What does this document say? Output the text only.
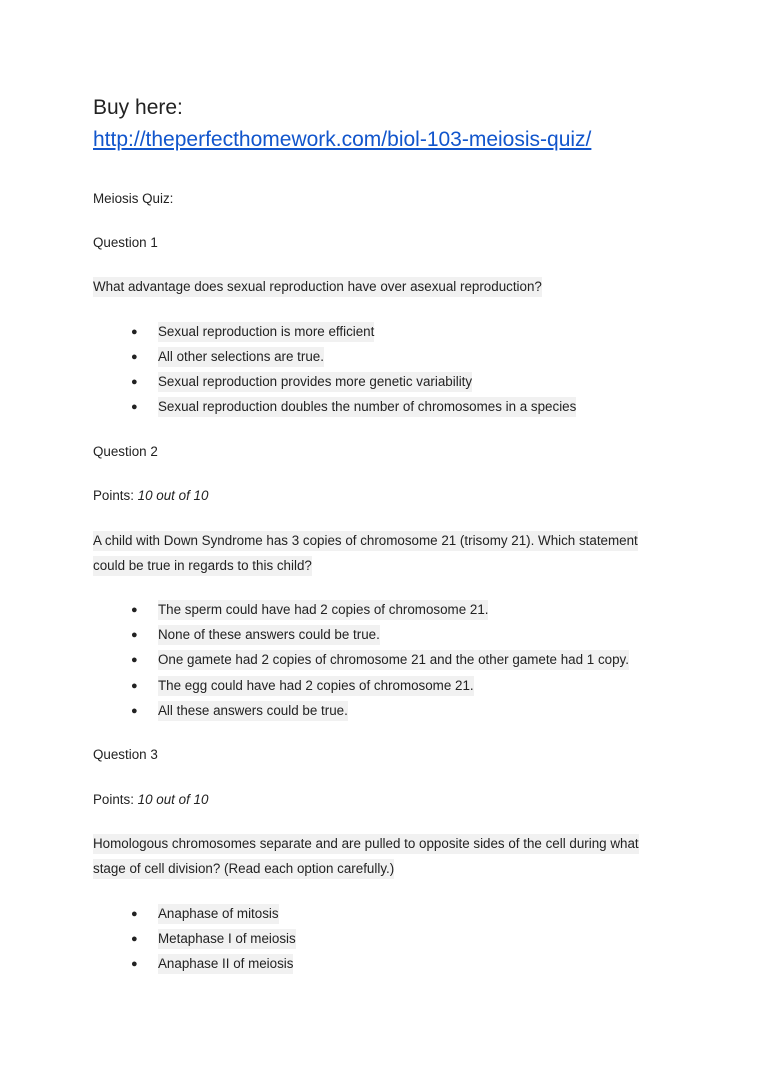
Buy here:
http://theperfecthomework.com/biol-103-meiosis-quiz/
Meiosis Quiz:
Question 1
What advantage does sexual reproduction have over asexual reproduction?
● Sexual reproduction is more efficient
● All other selections are true.
● Sexual reproduction provides more genetic variability
● Sexual reproduction doubles the number of chromosomes in a species
Question 2
Points: 10 out of 10
A child with Down Syndrome has 3 copies of chromosome 21 (trisomy 21). Which statement
could be true in regards to this child?
● The sperm could have had 2 copies of chromosome 21.
● None of these answers could be true.
● One gamete had 2 copies of chromosome 21 and the other gamete had 1 copy.
● The egg could have had 2 copies of chromosome 21.
● All these answers could be true.
Question 3
Points: 10 out of 10
Homologous chromosomes separate and are pulled to opposite sides of the cell during what
stage of cell division? (Read each option carefully.)
● Anaphase of mitosis
● Metaphase I of meiosis
● Anaphase II of meiosis
